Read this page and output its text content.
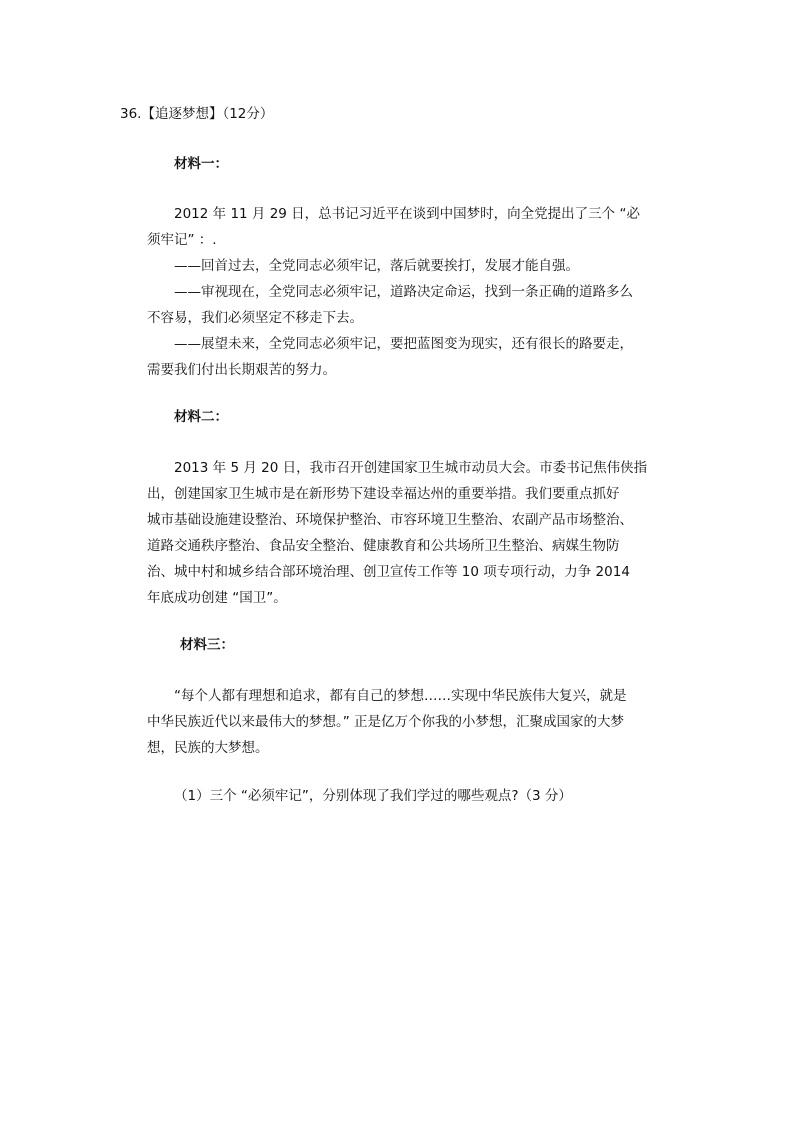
36.【追逐梦想】（12分）
材料一：
2012 年 11 月 29 日，总书记习近平在谈到中国梦时，向全党提出了三个 “必
须牢记” ：.
——回首过去，全党同志必须牢记，落后就要挨打，发展才能自强。
——审视现在，全党同志必须牢记，道路决定命运，找到一条正确的道路多么
不容易，我们必须坚定不移走下去。
——展望未来，全党同志必须牢记，要把蓝图变为现实，还有很长的路要走，
需要我们付出长期艰苦的努力。
材料二：
2013 年 5 月 20 日，我市召开创建国家卫生城市动员大会。市委书记焦伟侠指
出，创建国家卫生城市是在新形势下建设幸福达州的重要举措。我们要重点抓好
城市基础设施建设整治、环境保护整治、市容环境卫生整治、农副产品市场整治、
道路交通秩序整治、食品安全整治、健康教育和公共场所卫生整治、病媒生物防
治、城中村和城乡结合部环境治理、创卫宣传工作等 10 项专项行动，力争 2014
年底成功创建 “国卫”。
材料三：
“每个人都有理想和追求，都有自己的梦想……实现中华民族伟大复兴，就是
中华民族近代以来最伟大的梦想。” 正是亿万个你我的小梦想，汇聚成国家的大梦
想，民族的大梦想。
（1）三个 “必须牢记”，分别体现了我们学过的哪些观点?（3 分）
